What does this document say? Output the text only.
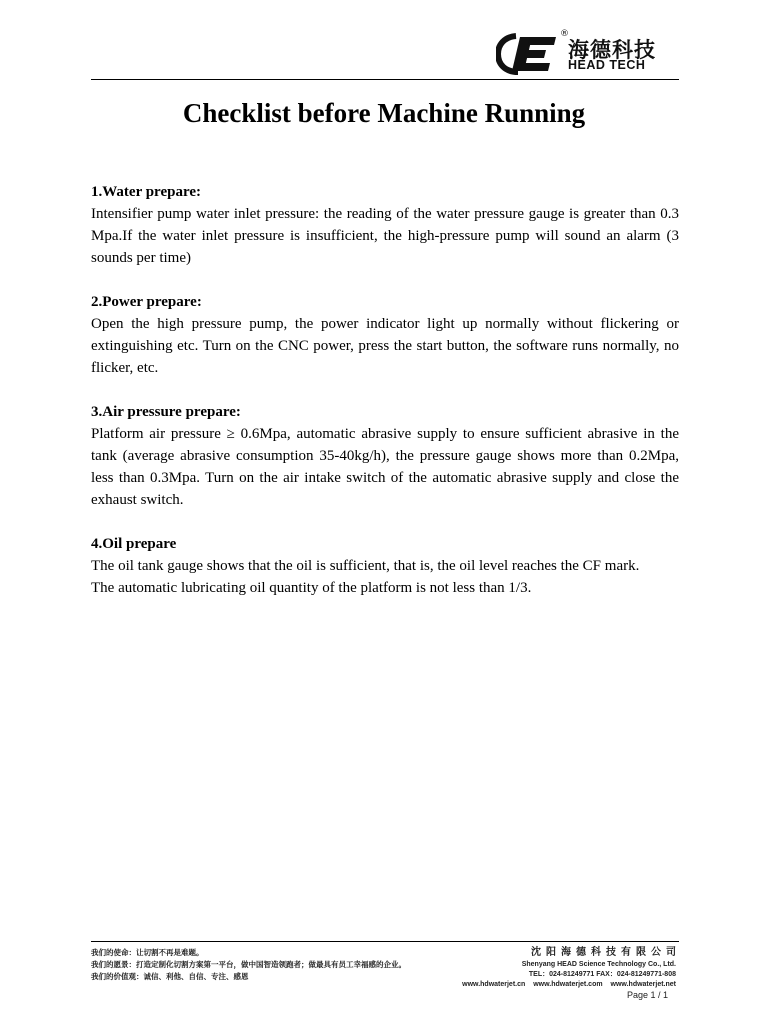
®
海德科技
HEAD TECH
Checklist before Machine Running
1.Water prepare:

Intensifier pump water inlet pressure: the reading of the water pressure gauge is greater than 0.3 Mpa.If the water inlet pressure is insufficient, the high-pressure pump will sound an alarm (3 sounds per time)

2.Power prepare:

Open the high pressure pump, the power indicator light up normally without flickering or extinguishing etc. Turn on the CNC power, press the start button, the software runs normally, no flicker, etc.

3.Air pressure prepare:

Platform air pressure ≥ 0.6Mpa, automatic abrasive supply to ensure sufficient abrasive in the tank (average abrasive consumption 35-40kg/h), the pressure gauge shows more than 0.2Mpa, less than 0.3Mpa. Turn on the air intake switch of the automatic abrasive supply and close the exhaust switch.

4.Oil prepare

The oil tank gauge shows that the oil is sufficient, that is, the oil level reaches the CF mark.

The automatic lubricating oil quantity of the platform is not less than 1/3.

我们的使命：让切割不再是难题。
我们的愿景：打造定制化切割方案第一平台，做中国智造领跑者；做最具有员工幸福感的企业。
我们的价值观：诚信、利他、自信、专注、感恩
沈阳海德科技有限公司
Shenyang HEAD Science Technology Co., Ltd.
TEL：024-81249771 FAX：024-81249771-808
www.hdwaterjet.cn www.hdwaterjet.com www.hdwaterjet.net
Page 1 / 1
